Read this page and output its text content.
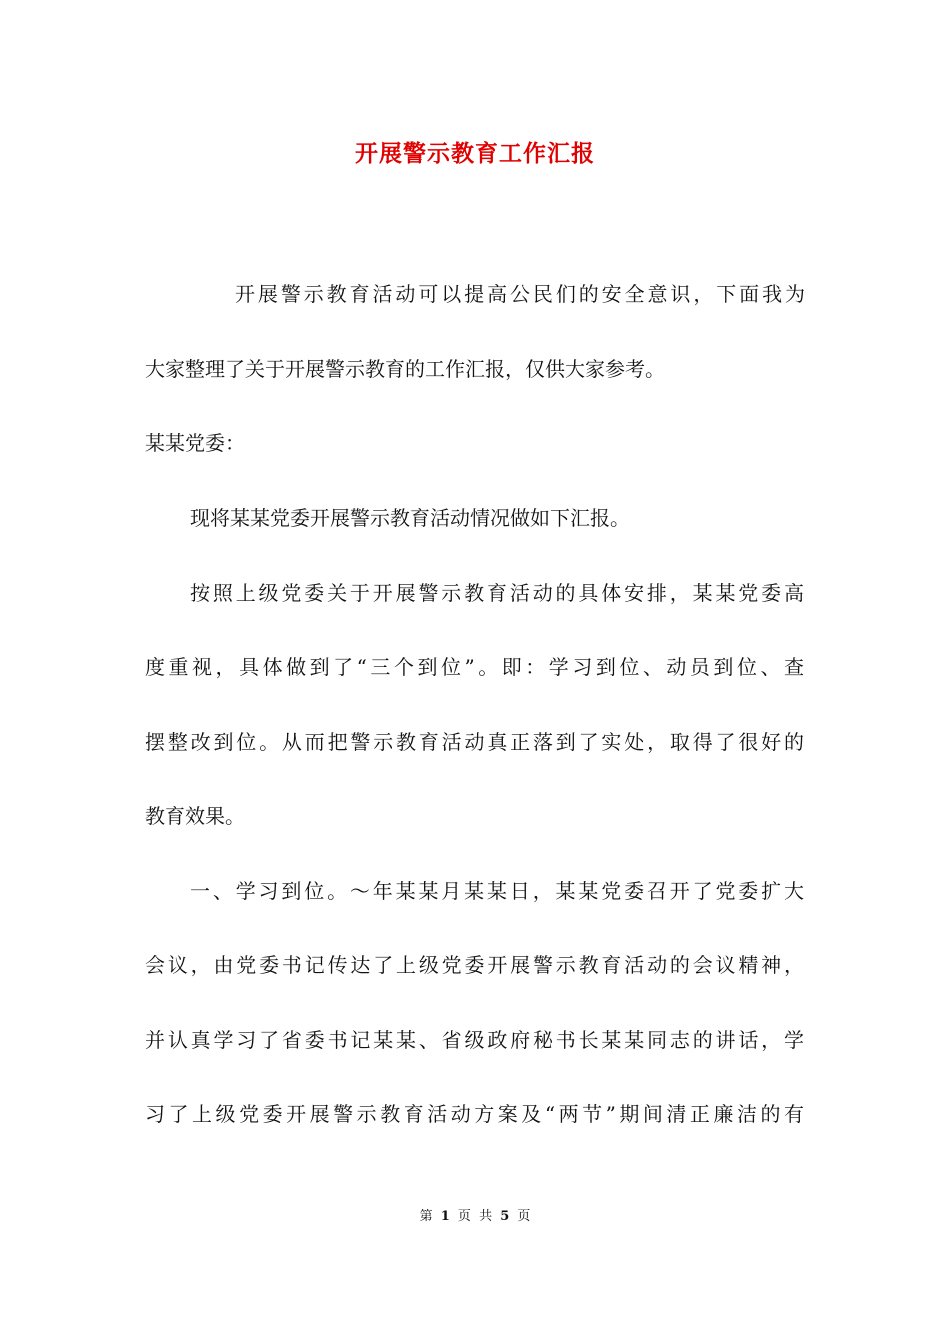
开展警示教育工作汇报

开展警示教育活动可以提高公民们的安全意识，下面我为

大家整理了关于开展警示教育的工作汇报，仅供大家参考。

某某党委：

现将某某党委开展警示教育活动情况做如下汇报。

按照上级党委关于开展警示教育活动的具体安排，某某党委高

度重视，具体做到了“三个到位”。即：学习到位、动员到位、查

摆整改到位。从而把警示教育活动真正落到了实处，取得了很好的

教育效果。

一、学习到位。～年某某月某某日，某某党委召开了党委扩大

会议，由党委书记传达了上级党委开展警示教育活动的会议精神，

并认真学习了省委书记某某、省级政府秘书长某某同志的讲话，学

习了上级党委开展警示教育活动方案及“两节”期间清正廉洁的有

第 1 页 共 5 页
